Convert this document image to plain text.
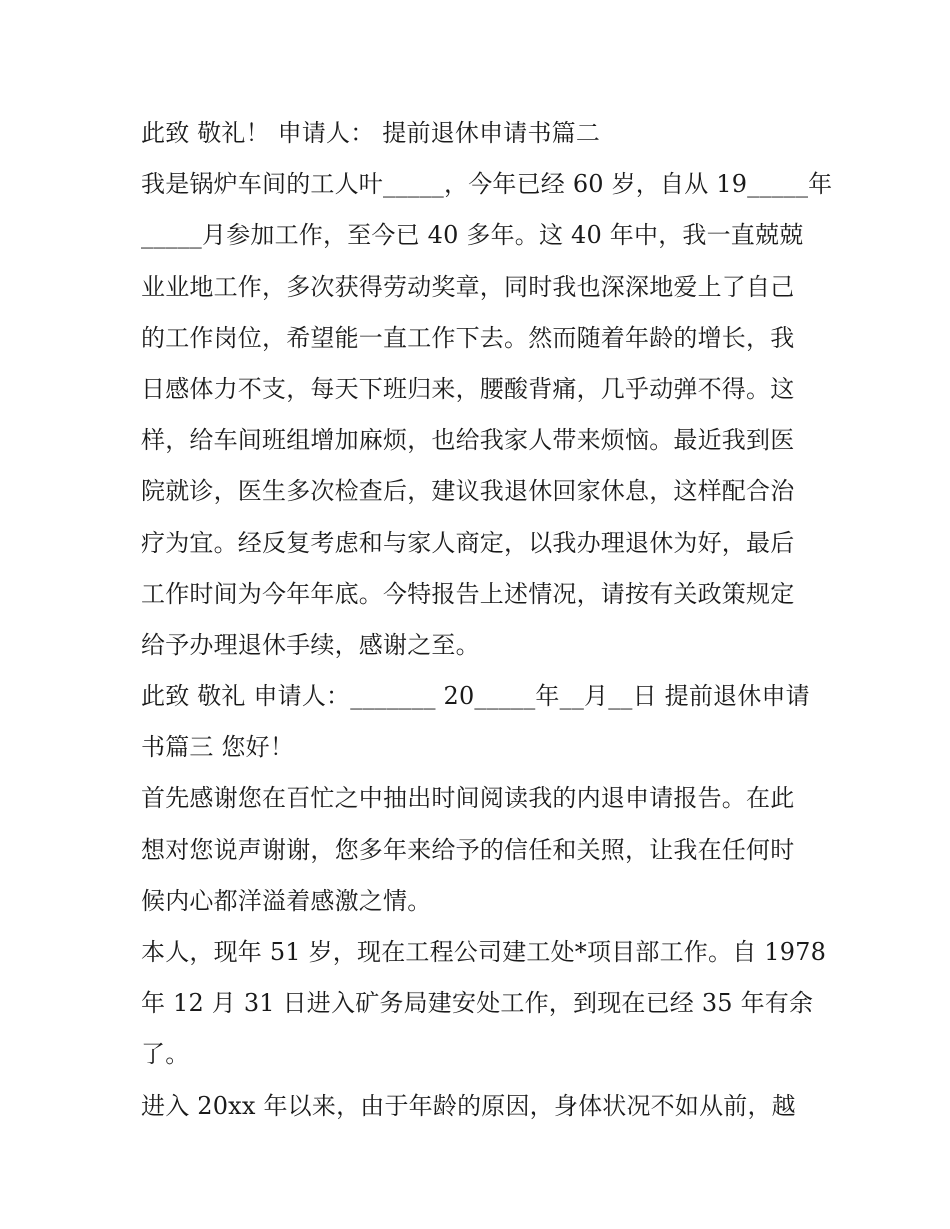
此致 敬礼！ 申请人： 提前退休申请书篇二
我是锅炉车间的工人叶_____，今年已经 60 岁，自从 19_____年
_____月参加工作，至今已 40 多年。这 40 年中，我一直兢兢
业业地工作，多次获得劳动奖章，同时我也深深地爱上了自己
的工作岗位，希望能一直工作下去。然而随着年龄的增长，我
日感体力不支，每天下班归来，腰酸背痛，几乎动弹不得。这
样，给车间班组增加麻烦，也给我家人带来烦恼。最近我到医
院就诊，医生多次检查后，建议我退休回家休息，这样配合治
疗为宜。经反复考虑和与家人商定，以我办理退休为好，最后
工作时间为今年年底。今特报告上述情况，请按有关政策规定
给予办理退休手续，感谢之至。
此致 敬礼 申请人：_______ 20_____年__月__日 提前退休申请
书篇三 您好！
首先感谢您在百忙之中抽出时间阅读我的内退申请报告。在此
想对您说声谢谢，您多年来给予的信任和关照，让我在任何时
候内心都洋溢着感激之情。
本人，现年 51 岁，现在工程公司建工处*项目部工作。自 1978
年 12 月 31 日进入矿务局建安处工作，到现在已经 35 年有余
了。
进入 20xx 年以来，由于年龄的原因，身体状况不如从前，越
